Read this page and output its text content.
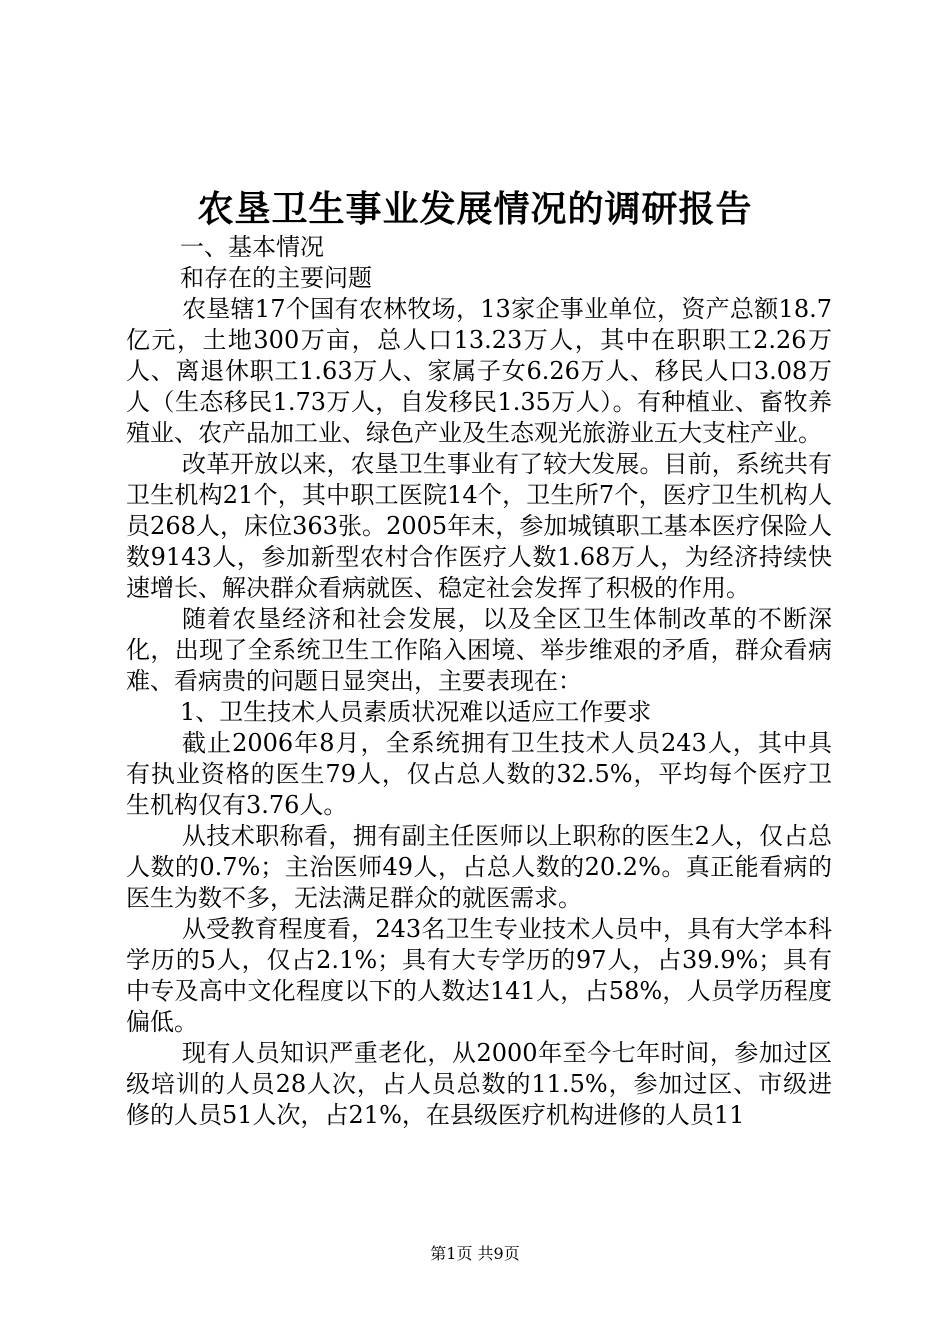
农垦卫生事业发展情况的调研报告

一、基本情况

和存在的主要问题

农垦辖17个国有农林牧场，13家企事业单位，资产总额18.7亿元，土地300万亩，总人口13.23万人，其中在职职工2.26万人、离退休职工1.63万人、家属子女6.26万人、移民人口3.08万人（生态移民1.73万人，自发移民1.35万人）。有种植业、畜牧养殖业、农产品加工业、绿色产业及生态观光旅游业五大支柱产业。

改革开放以来，农垦卫生事业有了较大发展。目前，系统共有卫生机构21个，其中职工医院14个，卫生所7个，医疗卫生机构人员268人，床位363张。2005年末，参加城镇职工基本医疗保险人数9143人，参加新型农村合作医疗人数1.68万人，为经济持续快速增长、解决群众看病就医、稳定社会发挥了积极的作用。

随着农垦经济和社会发展，以及全区卫生体制改革的不断深化，出现了全系统卫生工作陷入困境、举步维艰的矛盾，群众看病难、看病贵的问题日显突出，主要表现在：

1、卫生技术人员素质状况难以适应工作要求

截止2006年8月，全系统拥有卫生技术人员243人，其中具有执业资格的医生79人，仅占总人数的32.5%，平均每个医疗卫生机构仅有3.76人。

从技术职称看，拥有副主任医师以上职称的医生2人，仅占总人数的0.7%；主治医师49人，占总人数的20.2%。真正能看病的医生为数不多，无法满足群众的就医需求。

从受教育程度看，243名卫生专业技术人员中，具有大学本科学历的5人，仅占2.1%；具有大专学历的97人，占39.9%；具有中专及高中文化程度以下的人数达141人，占58%，人员学历程度偏低。

现有人员知识严重老化，从2000年至今七年时间，参加过区级培训的人员28人次，占人员总数的11.5%，参加过区、市级进修的人员51人次，占21%，在县级医疗机构进修的人员11

第1页 共9页
